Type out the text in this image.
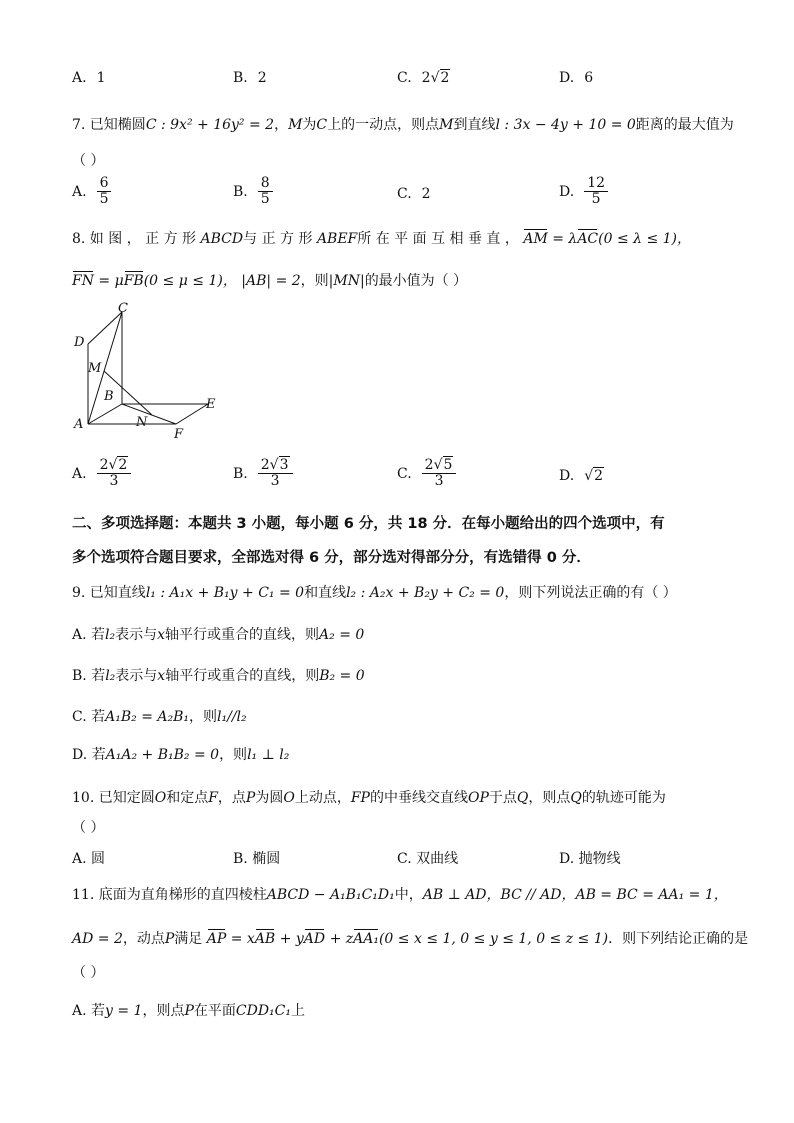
A. 1	B. 2	C. 2 √2	D. 6
7. 已知椭圆C : 9x² + 16y² = 2，M为C上的一动点，则点M到直线l : 3x − 4y + 10 = 0距离的最大值为
（ ）
A. $\frac{6}{5}$	B. $\frac{8}{5}$	C. 2	D. $\frac{12}{5}$
8. 如 图 ， 正 方 形 ABCD与 正 方 形 ABEF所 在 平 面 互 相 垂 直 ， AM = λAC(0 ≤ λ ≤ 1)，
FN = μFB(0 ≤ μ ≤ 1)， |AB| = 2，则|MN|的最小值为（ ）
C
D
M
B
E
A	N
F
A. $\frac{2√2}{3}$	B. $\frac{2√3}{3}$	C. $\frac{2√5}{3}$	D. √2
二、多项选择题：本题共 3 小题，每小题 6 分，共 18 分．在每小题给出的四个选项中，有
多个选项符合题目要求，全部选对得 6 分，部分选对得部分分，有选错得 0 分．
9. 已知直线l₁ : A₁x + B₁y + C₁ = 0和直线l₂ : A₂x + B₂y + C₂ = 0，则下列说法正确的有（ ）
A. 若l₂表示与x轴平行或重合的直线，则A₂ = 0
B. 若l₂表示与x轴平行或重合的直线，则B₂ = 0
C. 若A₁B₂ = A₂B₁，则l₁//l₂
D. 若A₁A₂ + B₁B₂ = 0，则l₁ ⊥ l₂
10. 已知定圆O和定点F，点P为圆O上动点，FP的中垂线交直线OP于点Q，则点Q的轨迹可能为
（ ）
A. 圆	B. 椭圆	C. 双曲线	D. 抛物线
11. 底面为直角梯形的直四棱柱ABCD − A₁B₁C₁D₁中，AB ⊥ AD，BC // AD，AB = BC = AA₁ = 1，
AD = 2，动点P满足 AP = xAB + yAD + zAA₁(0 ≤ x ≤ 1, 0 ≤ y ≤ 1, 0 ≤ z ≤ 1)．则下列结论正确的是
（ ）
A. 若y = 1，则点P在平面CDD₁C₁上
